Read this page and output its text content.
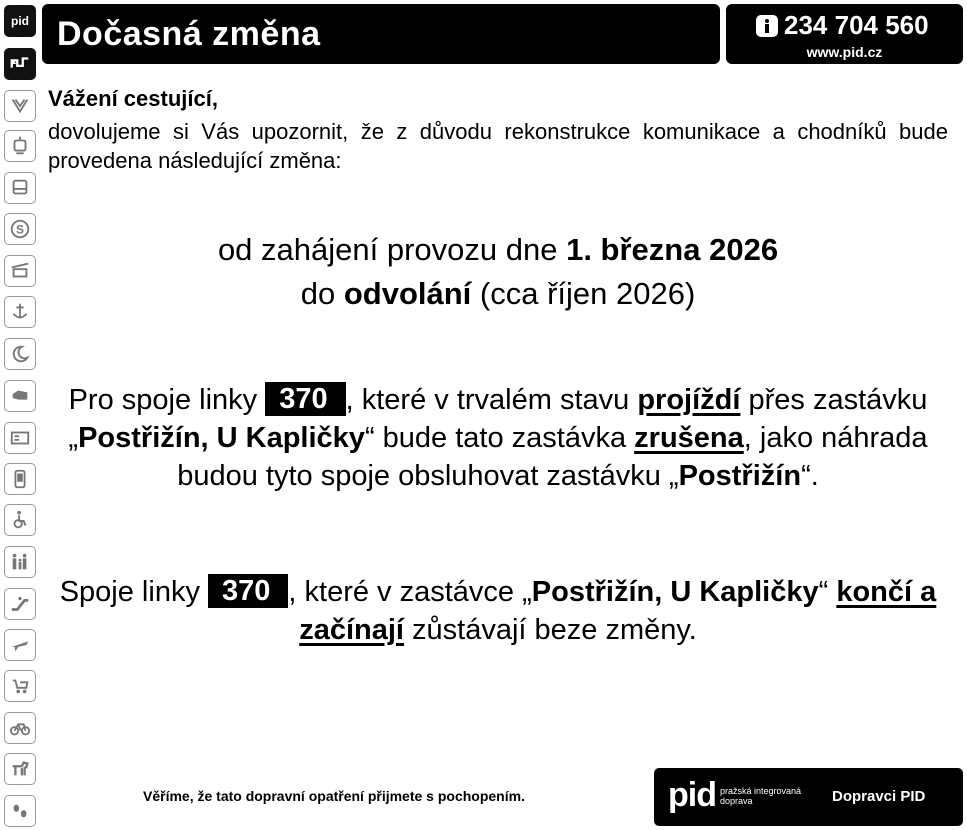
pid
S
Dočasná změna	234 704 560
www.pid.cz
Vážení cestující,
dovolujeme si Vás upozornit, že z důvodu rekonstrukce komunikace a chodníků bude provedena následující změna:
od zahájení provozu dne 1. března 2026
do odvolání (cca říjen 2026)
Pro spoje linky 370 , které v trvalém stavu projíždí přes zastávku „Postřižín, U Kapličky“ bude tato zastávka zrušena, jako náhrada budou tyto spoje obsluhovat zastávku „Postřižín“.
Spoje linky 370 , které v zastávce „Postřižín, U Kapličky“ končí a začínají zůstávají beze změny.
Věříme, že tato dopravní opatření přijmete s pochopením.	pid pražská integrovaná
doprava	Dopravci PID
